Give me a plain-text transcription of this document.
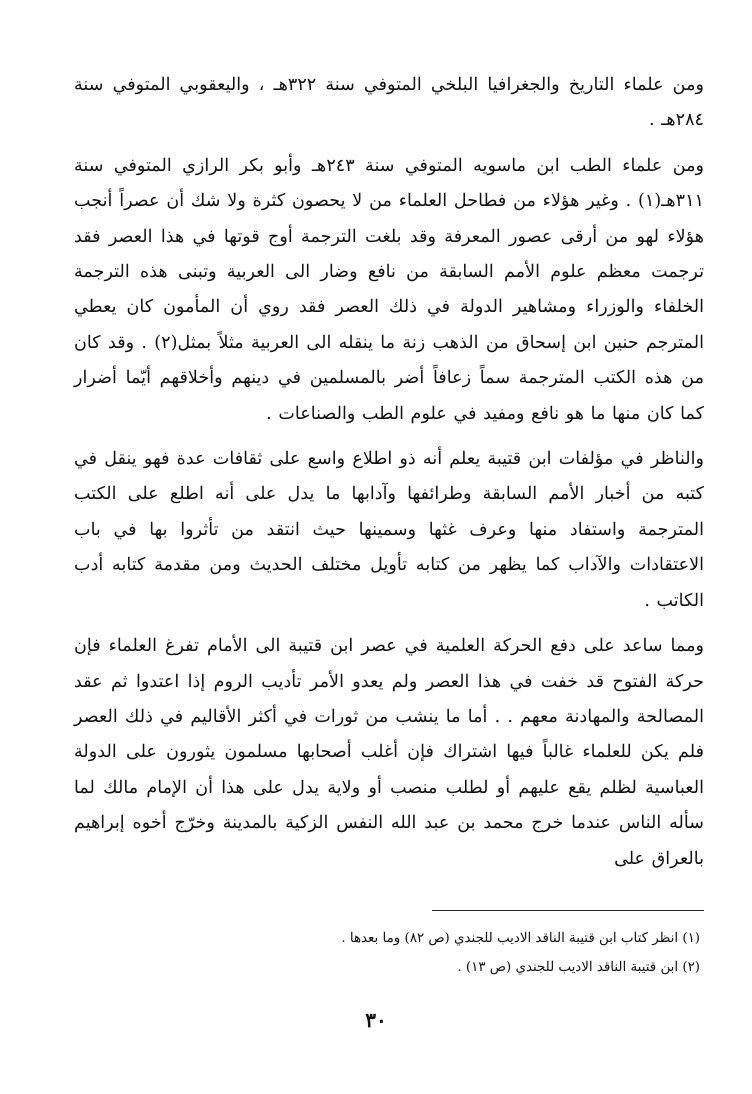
ومن علماء التاريخ والجغرافيا البلخي المتوفي سنة ٣٢٢هـ ، واليعقوبي المتوفي سنة ٢٨٤هـ .

ومن علماء الطب ابن ماسويه المتوفي سنة ٢٤٣هـ وأبو بكر الرازي المتوفي سنة ٣١١هـ(١) . وغير هؤلاء من فطاحل العلماء من لا يحصون كثرة ولا شك أن عصراً أنجب هؤلاء لهو من أرقى عصور المعرفة وقد بلغت الترجمة أوج قوتها في هذا العصر فقد ترجمت معظم علوم الأمم السابقة من نافع وضار الى العربية وتبنى هذه الترجمة الخلفاء والوزراء ومشاهير الدولة في ذلك العصر فقد روي أن المأمون كان يعطي المترجم حنين ابن إسحاق من الذهب زنة ما ينقله الى العربية مثلاً بمثل(٢) . وقد كان من هذه الكتب المترجمة سماً زعافاً أضر بالمسلمين في دينهم وأخلاقهم أيّما أضرار كما كان منها ما هو نافع ومفيد في علوم الطب والصناعات .

والناظر في مؤلفات ابن قتيبة يعلم أنه ذو اطلاع واسع على ثقافات عدة فهو ينقل في كتبه من أخبار الأمم السابقة وطرائفها وآدابها ما يدل على أنه اطلع على الكتب المترجمة واستفاد منها وعرف غثها وسمينها حيث انتقد من تأثروا بها في باب الاعتقادات والآداب كما يظهر من كتابه تأويل مختلف الحديث ومن مقدمة كتابه أدب الكاتب .

ومما ساعد على دفع الحركة العلمية في عصر ابن قتيبة الى الأمام تفرغ العلماء فإن حركة الفتوح قد خفت في هذا العصر ولم يعدو الأمر تأديب الروم إذا اعتدوا ثم عقد المصالحة والمهادنة معهم . . أما ما ينشب من ثورات في أكثر الأقاليم في ذلك العصر فلم يكن للعلماء غالباً فيها اشتراك فإن أغلب أصحابها مسلمون يثورون على الدولة العباسية لظلم يقع عليهم أو لطلب منصب أو ولاية يدل على هذا أن الإمام مالك لما سأله الناس عندما خرج محمد بن عبد الله النفس الزكية بالمدينة وخرّج أخوه إبراهيم بالعراق على

(١) انظر كتاب ابن قتيبة الناقد الاديب للجندي (ص ٨٢) وما بعدها .

(٢) ابن قتيبة الناقد الاديب للجندي (ص ١٣) .

٣٠
